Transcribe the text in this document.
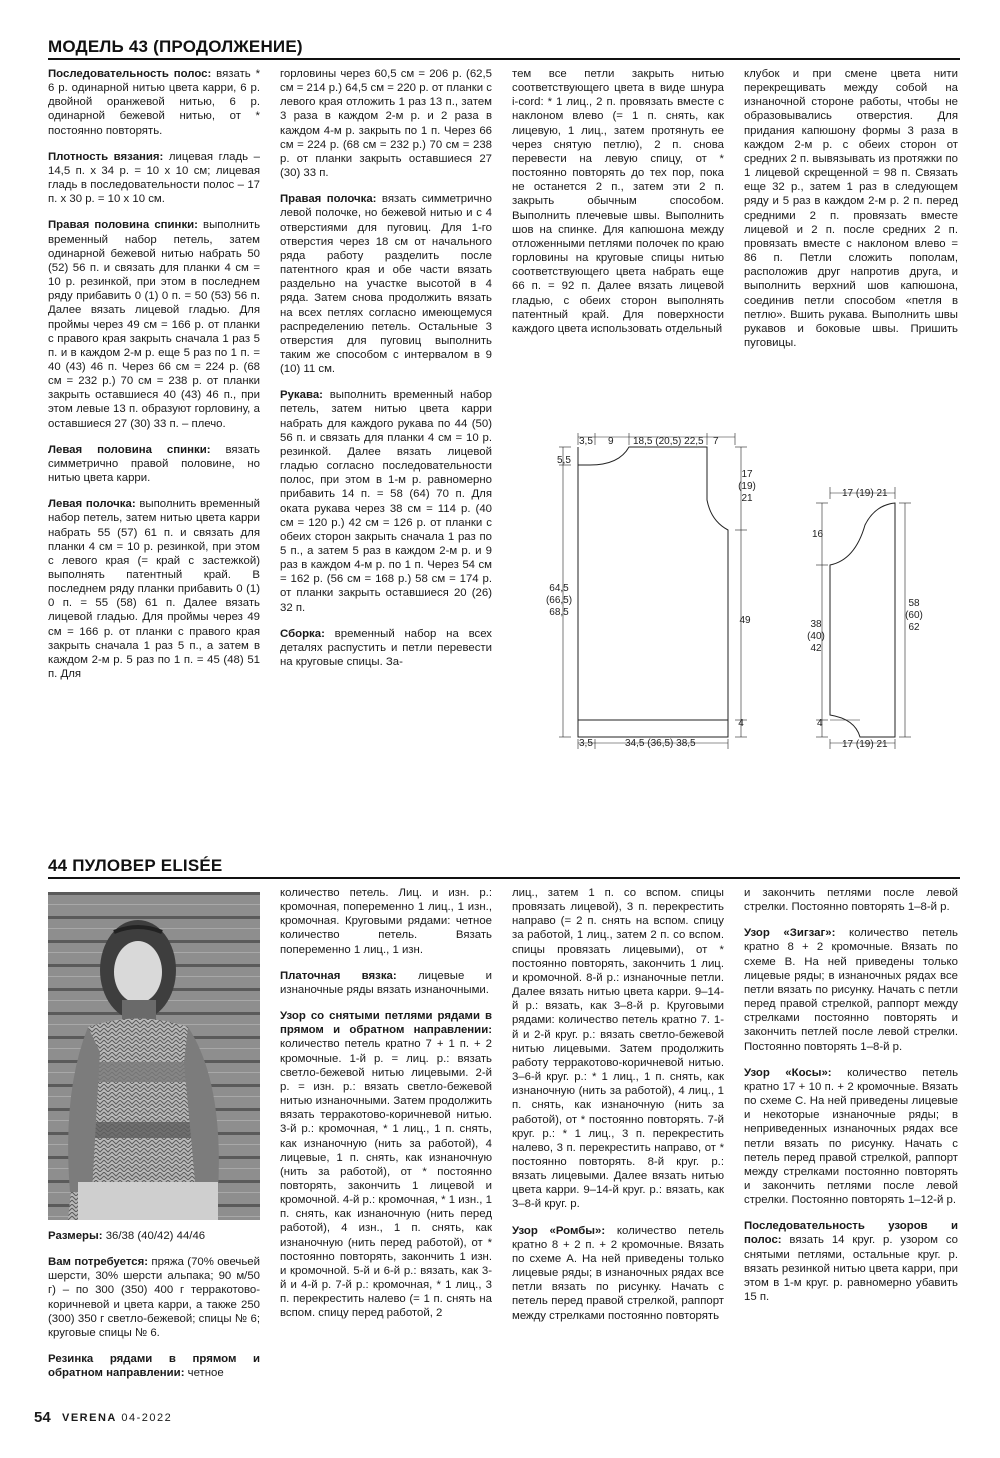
МОДЕЛЬ 43 (ПРОДОЛЖЕНИЕ)

Последовательность полос: вязать * 6 р. одинарной нитью цвета карри, 6 р. двойной оранжевой нитью, 6 р. одинарной бежевой нитью, от * постоянно повторять.

Плотность вязания: лицевая гладь – 14,5 п. х 34 р. = 10 х 10 см; лицевая гладь в последовательности полос – 17 п. х 30 р. = 10 х 10 см.

Правая половина спинки: выполнить временный набор петель, затем одинарной бежевой нитью набрать 50 (52) 56 п. и связать для планки 4 см = 10 р. резинкой, при этом в последнем ряду прибавить 0 (1) 0 п. = 50 (53) 56 п. Далее вязать лицевой гладью. Для проймы через 49 см = 166 р. от планки с правого края закрыть сначала 1 раз 5 п. и в каждом 2-м р. еще 5 раз по 1 п. = 40 (43) 46 п. Через 66 см = 224 р. (68 см = 232 р.) 70 см = 238 р. от планки закрыть оставшиеся 40 (43) 46 п., при этом левые 13 п. образуют горловину, а оставшиеся 27 (30) 33 п. – плечо.

Левая половина спинки: вязать симметрично правой половине, но нитью цвета карри.

Левая полочка: выполнить временный набор петель, затем нитью цвета карри набрать 55 (57) 61 п. и связать для планки 4 см = 10 р. резинкой, при этом с левого края (= край с застежкой) выполнять патентный край. В последнем ряду планки прибавить 0 (1) 0 п. = 55 (58) 61 п. Далее вязать лицевой гладью. Для проймы через 49 см = 166 р. от планки с правого края закрыть сначала 1 раз 5 п., а затем в каждом 2-м р. 5 раз по 1 п. = 45 (48) 51 п. Для

горловины через 60,5 см = 206 р. (62,5 см = 214 р.) 64,5 см = 220 р. от планки с левого края отложить 1 раз 13 п., затем 3 раза в каждом 2-м р. и 2 раза в каждом 4-м р. закрыть по 1 п. Через 66 см = 224 р. (68 см = 232 р.) 70 см = 238 р. от планки закрыть оставшиеся 27 (30) 33 п.

Правая полочка: вязать симметрично левой полочке, но бежевой нитью и с 4 отверстиями для пуговиц. Для 1-го отверстия через 18 см от начального ряда работу разделить после патентного края и обе части вязать раздельно на участке высотой в 4 ряда. Затем снова продолжить вязать на всех петлях согласно имеющемуся распределению петель. Остальные 3 отверстия для пуговиц выполнить таким же способом с интервалом в 9 (10) 11 см.

Рукава: выполнить временный набор петель, затем нитью цвета карри набрать для каждого рукава по 44 (50) 56 п. и связать для планки 4 см = 10 р. резинкой. Далее вязать лицевой гладью согласно последовательности полос, при этом в 1-м р. равномерно прибавить 14 п. = 58 (64) 70 п. Для оката рукава через 38 см = 114 р. (40 см = 120 р.) 42 см = 126 р. от планки с обеих сторон закрыть сначала 1 раз по 5 п., а затем 5 раз в каждом 2-м р. и 9 раз в каждом 4-м р. по 1 п. Через 54 см = 162 р. (56 см = 168 р.) 58 см = 174 р. от планки закрыть оставшиеся 20 (26) 32 п.

Сборка: временный набор на всех деталях распустить и петли перевести на круговые спицы. За-

тем все петли закрыть нитью соответствующего цвета в виде шнура i-cord: * 1 лиц., 2 п. провязать вместе с наклоном влево (= 1 п. снять, как лицевую, 1 лиц., затем протянуть ее через снятую петлю), 2 п. снова перевести на левую спицу, от * постоянно повторять до тех пор, пока не останется 2 п., затем эти 2 п. закрыть обычным способом. Выполнить плечевые швы. Выполнить шов на спинке. Для капюшона между отложенными петлями полочек по краю горловины на круговые спицы нитью соответствующего цвета набрать еще 66 п. = 92 п. Далее вязать лицевой гладью, с обеих сторон выполнять патентный край. Для поверхности каждого цвета использовать отдельный

клубок и при смене цвета нити перекрещивать между собой на изнаночной стороне работы, чтобы не образовывались отверстия. Для придания капюшону формы 3 раза в каждом 2-м р. с обеих сторон от средних 2 п. вывязывать из протяжки по 1 лицевой скрещенной = 98 п. Связать еще 32 р., затем 1 раз в следующем ряду и 5 раз в каждом 2-м р. 2 п. перед средними 2 п. провязать вместе лицевой и 2 п. после средних 2 п. провязать вместе с наклоном влево = 86 п. Петли сложить пополам, расположив друг напротив друга, и выполнить верхний шов капюшона, соединив петли способом «петля в петлю». Вшить рукава. Выполнить швы рукавов и боковые швы. Пришить пуговицы.

3,5 9 18,5 (20,5) 22,5 7
5,5
17
(19)
21
64,5
(66,5)
68,5
49
4
3,5	34,5 (36,5) 38,5
17 (19) 21
16
38
(40)
42
58
(60)
62
4
17 (19) 21
44 ПУЛОВЕР ELISÉE

Размеры: 36/38 (40/42) 44/46

Вам потребуется: пряжа (70% овечьей шерсти, 30% шерсти альпака; 90 м/50 г) – по 300 (350) 400 г терракотово-коричневой и цвета карри, а также 250 (300) 350 г светло-бежевой; спицы № 6; круговые спицы № 6.

Резинка рядами в прямом и обратном направлении: четное

количество петель. Лиц. и изн. р.: кромочная, попеременно 1 лиц., 1 изн., кромочная. Круговыми рядами: четное количество петель. Вязать попеременно 1 лиц., 1 изн.

Платочная вязка: лицевые и изнаночные ряды вязать изнаночными.

Узор со снятыми петлями рядами в прямом и обратном направлении: количество петель кратно 7 + 1 п. + 2 кромочные. 1-й р. = лиц. р.: вязать светло-бежевой нитью лицевыми. 2-й р. = изн. р.: вязать светло-бежевой нитью изнаночными. Затем продолжить вязать терракотово-коричневой нитью. 3-й р.: кромочная, * 1 лиц., 1 п. снять, как изнаночную (нить за работой), 4 лицевые, 1 п. снять, как изнаночную (нить за работой), от * постоянно повторять, закончить 1 лицевой и кромочной. 4-й р.: кромочная, * 1 изн., 1 п. снять, как изнаночную (нить перед работой), 4 изн., 1 п. снять, как изнаночную (нить перед работой), от * постоянно повторять, закончить 1 изн. и кромочной. 5-й и 6-й р.: вязать, как 3-й и 4-й р. 7-й р.: кромочная, * 1 лиц., 3 п. перекрестить налево (= 1 п. снять на вспом. спицу перед работой, 2

лиц., затем 1 п. со вспом. спицы провязать лицевой), 3 п. перекрестить направо (= 2 п. снять на вспом. спицу за работой, 1 лиц., затем 2 п. со вспом. спицы провязать лицевыми), от * постоянно повторять, закончить 1 лиц. и кромочной. 8-й р.: изнаночные петли. Далее вязать нитью цвета карри. 9–14-й р.: вязать, как 3–8-й р. Круговыми рядами: количество петель кратно 7. 1-й и 2-й круг. р.: вязать светло-бежевой нитью лицевыми. Затем продолжить работу терракотово-коричневой нитью. 3–6-й круг. р.: * 1 лиц., 1 п. снять, как изнаночную (нить за работой), 4 лиц., 1 п. снять, как изнаночную (нить за работой), от * постоянно повторять. 7-й круг. р.: * 1 лиц., 3 п. перекрестить налево, 3 п. перекрестить направо, от * постоянно повторять. 8-й круг. р.: вязать лицевыми. Далее вязать нитью цвета карри. 9–14-й круг. р.: вязать, как 3–8-й круг. р.

Узор «Ромбы»: количество петель кратно 8 + 2 п. + 2 кромочные. Вязать по схеме А. На ней приведены только лицевые ряды; в изнаночных рядах все петли вязать по рисунку. Начать с петель перед правой стрелкой, раппорт между стрелками постоянно повторять

и закончить петлями после левой стрелки. Постоянно повторять 1–8-й р.

Узор «Зигзаг»: количество петель кратно 8 + 2 кромочные. Вязать по схеме В. На ней приведены только лицевые ряды; в изнаночных рядах все петли вязать по рисунку. Начать с петли перед правой стрелкой, раппорт между стрелками постоянно повторять и закончить петлей после левой стрелки. Постоянно повторять 1–8-й р.

Узор «Косы»: количество петель кратно 17 + 10 п. + 2 кромочные. Вязать по схеме С. На ней приведены лицевые и некоторые изнаночные ряды; в неприведенных изнаночных рядах все петли вязать по рисунку. Начать с петель перед правой стрелкой, раппорт между стрелками постоянно повторять и закончить петлями после левой стрелки. Постоянно повторять 1–12-й р.

Последовательность узоров и полос: вязать 14 круг. р. узором со снятыми петлями, остальные круг. р. вязать резинкой нитью цвета карри, при этом в 1-м круг. р. равномерно убавить 15 п.

54 VERENA 04-2022
